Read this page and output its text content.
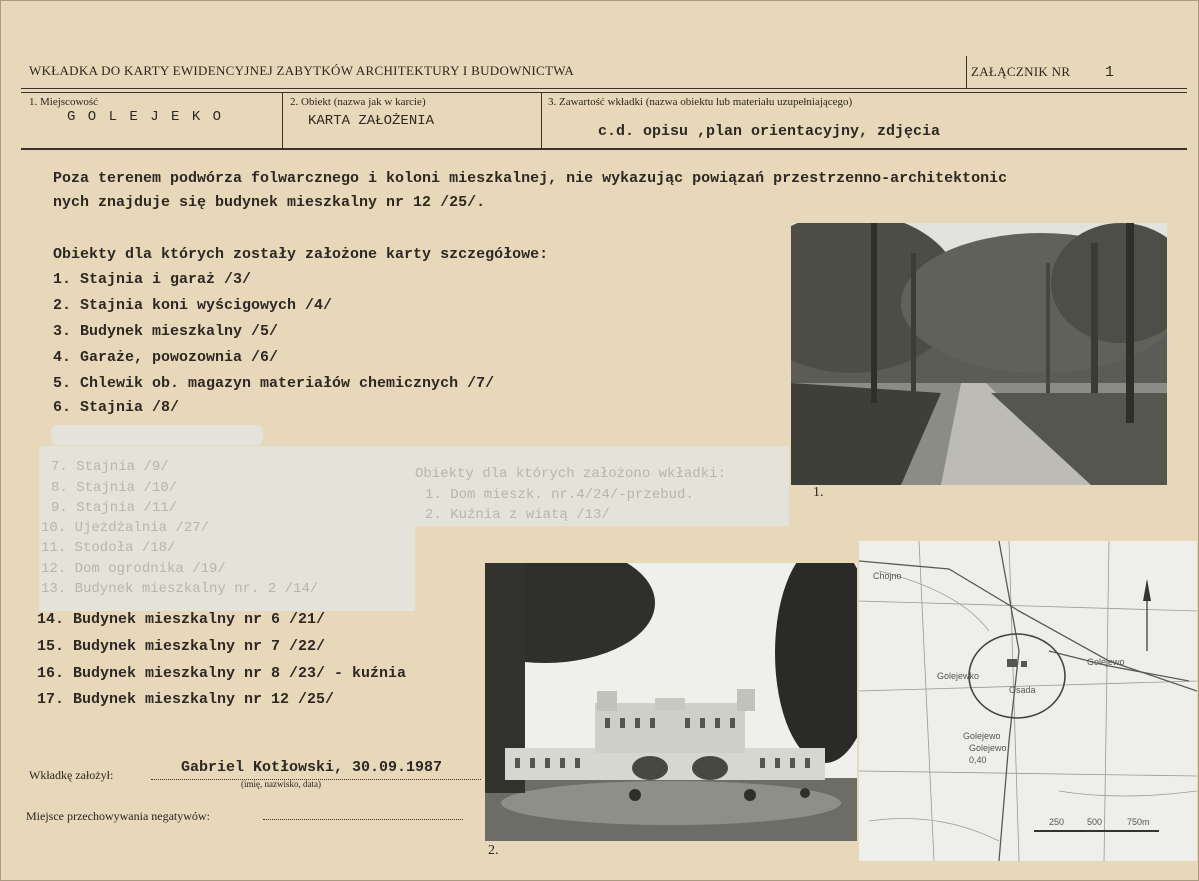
WKŁADKA DO KARTY EWIDENCYJNEJ ZABYTKÓW ARCHITEKTURY I BUDOWNICTWA	ZAŁĄCZNIK NR 1
1. Miejscowość
G O L E J E K O
2. Obiekt (nazwa jak w karcie)
KARTA ZAŁOŻENIA
3. Zawartość wkładki (nazwa obiektu lub materiału uzupełniającego)
c.d. opisu ,plan orientacyjny, zdjęcia
Poza terenem podwórza folwarcznego i koloni mieszkalnej, nie wykazując powiązań przestrzenno-architektonic
nych znajduje się budynek mieszkalny nr 12 /25/.
Obiekty dla których zostały założone karty szczegółowe:
1. Stajnia i garaż /3/
2. Stajnia koni wyścigowych /4/
3. Budynek mieszkalny /5/
4. Garaże, powozownia /6/
5. Chlewik ob. magazyn materiałów chemicznych /7/
6. Stajnia /8/
7. Stajnia /9/
8. Stajnia /10/
9. Stajnia /11/
10. Ujeżdżalnia /27/
11. Stodoła /18/
12. Dom ogrodnika /19/
13. Budynek mieszkalny nr. 2 /14/
Obiekty dla których założono wkładki:
1. Dom mieszk. nr.4/24/-przebud.
2. Kuźnia z wiatą /13/
14. Budynek mieszkalny nr 6 /21/
15. Budynek mieszkalny nr 7 /22/
16. Budynek mieszkalny nr 8 /23/ - kuźnia
17. Budynek mieszkalny nr 12 /25/
1.
2.
Chojno
Golejewo
Golejewo
Golejewo
0,40
Osada
Golejewko
250	500	750m
Wkładkę założył:	Gabriel Kotłowski, 30.09.1987
(imię, nazwisko, data)
Miejsce przechowywania negatywów:
